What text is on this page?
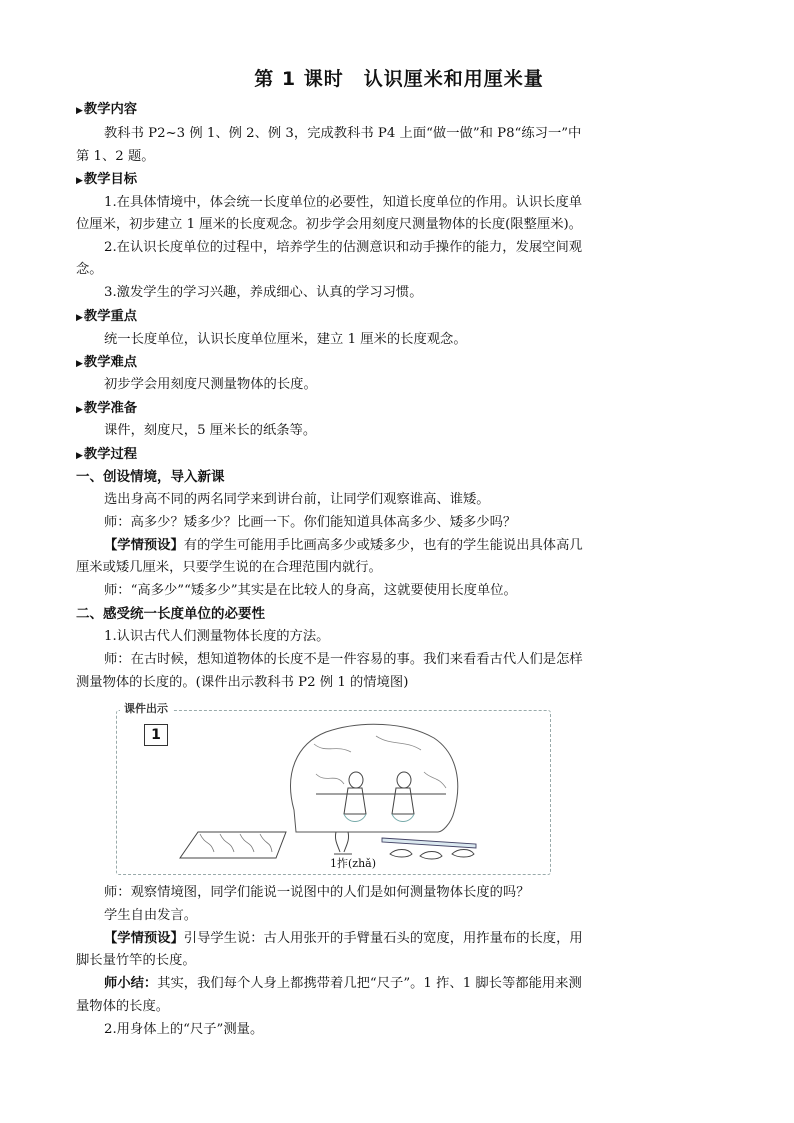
第 1 课时　认识厘米和用厘米量
▶教学内容
教科书 P2~3 例 1、例 2、例 3，完成教科书 P4 上面“做一做”和 P8“练习一”中
第 1、2 题。
▶教学目标
1.在具体情境中，体会统一长度单位的必要性，知道长度单位的作用。认识长度单
位厘米，初步建立 1 厘米的长度观念。初步学会用刻度尺测量物体的长度(限整厘米)。
2.在认识长度单位的过程中，培养学生的估测意识和动手操作的能力，发展空间观
念。
3.激发学生的学习兴趣，养成细心、认真的学习习惯。
▶教学重点
统一长度单位，认识长度单位厘米，建立 1 厘米的长度观念。
▶教学难点
初步学会用刻度尺测量物体的长度。
▶教学准备
课件，刻度尺，5 厘米长的纸条等。
▶教学过程
一、创设情境，导入新课
选出身高不同的两名同学来到讲台前，让同学们观察谁高、谁矮。
师：高多少？矮多少？比画一下。你们能知道具体高多少、矮多少吗？
【学情预设】有的学生可能用手比画高多少或矮多少，也有的学生能说出具体高几
厘米或矮几厘米，只要学生说的在合理范围内就行。
师：“高多少”“矮多少”其实是在比较人的身高，这就要使用长度单位。
二、感受统一长度单位的必要性
1.认识古代人们测量物体长度的方法。
师：在古时候，想知道物体的长度不是一件容易的事。我们来看看古代人们是怎样
测量物体的长度的。(课件出示教科书 P2 例 1 的情境图)
课件出示
1
1拃(zhǎ)
师：观察情境图，同学们能说一说图中的人们是如何测量物体长度的吗？
学生自由发言。
【学情预设】引导学生说：古人用张开的手臂量石头的宽度，用拃量布的长度，用
脚长量竹竿的长度。
师小结：其实，我们每个人身上都携带着几把“尺子”。1 拃、1 脚长等都能用来测
量物体的长度。
2.用身体上的“尺子”测量。
